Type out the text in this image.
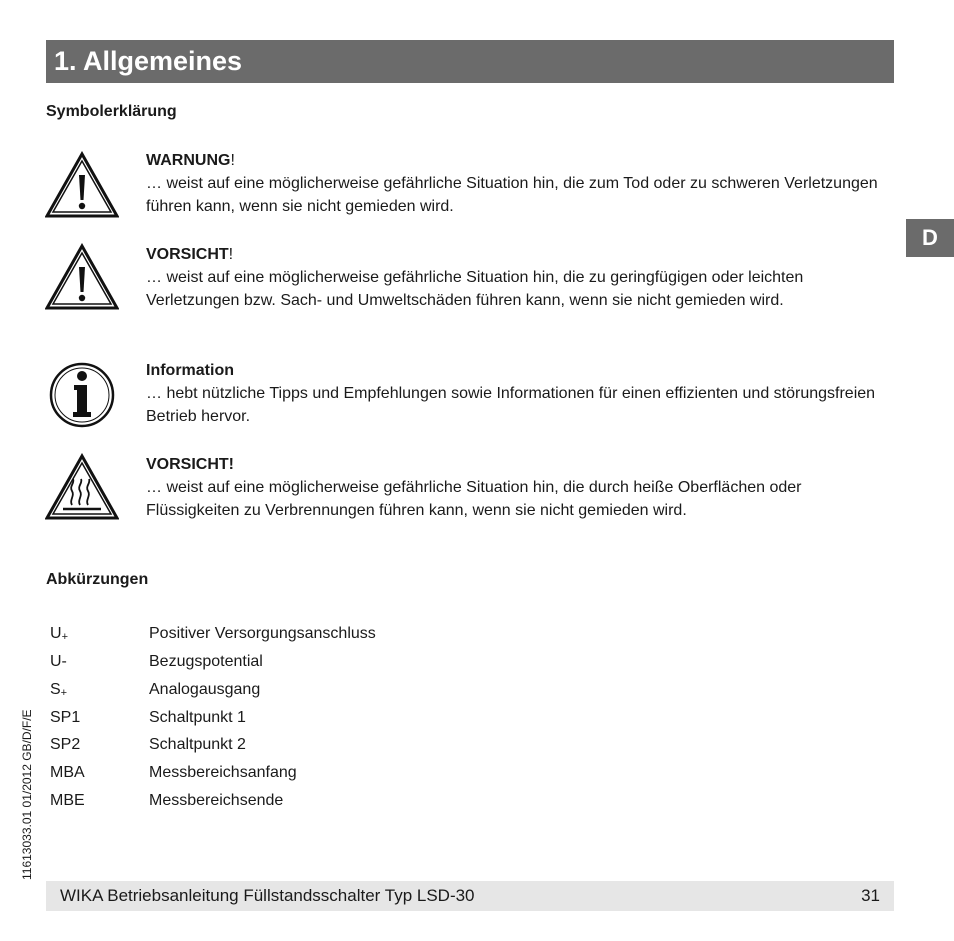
1. Allgemeines
D
Symbolerklärung
WARNUNG!
… weist auf eine möglicherweise gefährliche Situation hin, die zum Tod oder zu schweren Verletzungen führen kann, wenn sie nicht gemieden wird.
VORSICHT!
… weist auf eine möglicherweise gefährliche Situation hin, die zu geringfügigen oder leichten Verletzungen bzw. Sach- und Umweltschäden führen kann, wenn sie nicht gemieden wird.
Information
… hebt nützliche Tipps und Empfehlungen sowie Informationen für einen effizienten und störungsfreien Betrieb hervor.
VORSICHT!
… weist auf eine möglicherweise gefährliche Situation hin, die durch heiße Oberflächen oder Flüssigkeiten zu Verbrennungen führen kann, wenn sie nicht gemieden wird.
Abkürzungen
$U_+$	Positiver Versorgungsanschluss
U-	Bezugspotential
$S_+$	Analogausgang
SP1	Schaltpunkt 1
SP2	Schaltpunkt 2
MBA	Messbereichsanfang
MBE	Messbereichsende
11613033.01 01/2012 GB/D/F/E
WIKA Betriebsanleitung Füllstandsschalter Typ LSD-30	31
